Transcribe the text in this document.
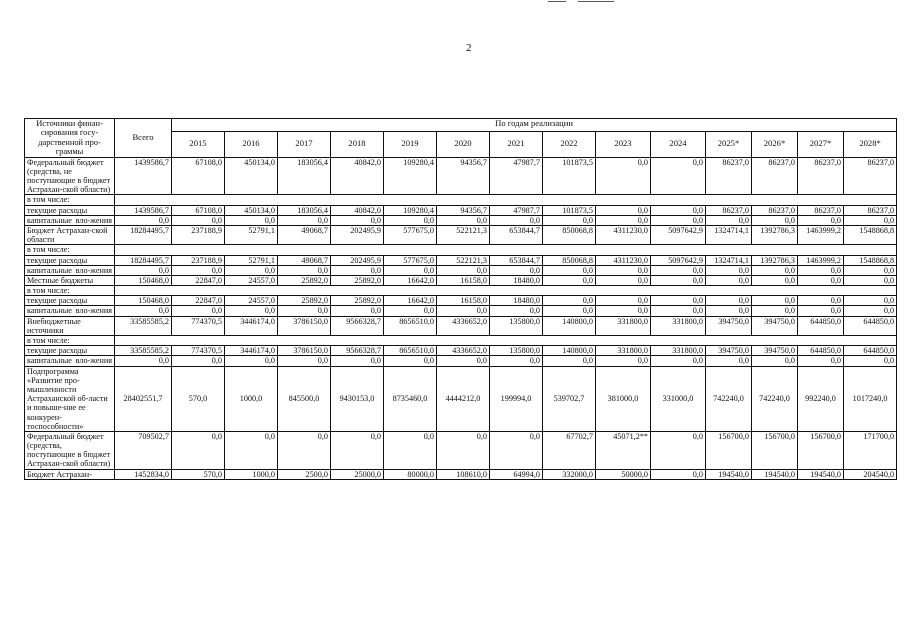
2
Источники финан-сирования госу-дарственной про-граммы	Всего	По годам реализации													
		2015	2016	2017	2018	2019	2020	2021	2022	2023	2024	2025*	2026*	2027*	2028*
Федеральный бюджет (средства, не поступающие в бюджет Астрахан-ской области)	1439586,7	67108,0	450134,0	183056,4	40842,0	109280,4	94356,7	47987,7	101873,5	0,0	0,0	86237,0	86237,0	86237,0	86237,0
в том числе:															
текущие расходы	1439586,7	67108,0	450134,0	183056,4	40842,0	109280,4	94356,7	47987,7	101873,5	0,0	0,0	86237,0	86237,0	86237,0	86237,0
капитальные вло-жения	0,0	0,0	0,0	0,0	0,0	0,0	0,0	0,0	0,0	0,0	0,0	0,0	0,0	0,0	0,0
Бюджет Астрахан-ской области	18284495,7	237188,9	52791,1	49068,7	202495,9	577675,0	522121,3	653844,7	850068,8	4311230,0	5097642,9	1324714,1	1392786,3	1463999,2	1548868,8
в том числе:															
текущие расходы	18284495,7	237188,9	52791,1	49068,7	202495,9	577675,0	522121,3	653844,7	850068,8	4311230,0	5097642,9	1324714,1	1392786,3	1463999,2	1548868,8
капитальные вло-жения	0,0	0,0	0,0	0,0	0,0	0,0	0,0	0,0	0,0	0,0	0,0	0,0	0,0	0,0	0,0
Местные бюджеты	150468,0	22847,0	24557,0	25892,0	25892,0	16642,0	16158,0	18480,0	0,0	0,0	0,0	0,0	0,0	0,0	0,0
в том числе:															
текущие расходы	150468,0	22847,0	24557,0	25892,0	25892,0	16642,0	16158,0	18480,0	0,0	0,0	0,0	0,0	0,0	0,0	0,0
капитальные вло-жения	0,0	0,0	0,0	0,0	0,0	0,0	0,0	0,0	0,0	0,0	0,0	0,0	0,0	0,0	0,0
Внебюджетные источники	33585585,2	774370,5	3446174,0	3786150,0	9566328,7	8656510,0	4336652,0	135800,0	140800,0	331800,0	331800,0	394750,0	394750,0	644850,0	644850,0
в том числе:															
текущие расходы	33585585,2	774370,5	3446174,0	3786150,0	9566328,7	8656510,0	4336652,0	135800,0	140800,0	331800,0	331800,0	394750,0	394750,0	644850,0	644850,0
капитальные вло-жения	0,0	0,0	0,0	0,0	0,0	0,0	0,0	0,0	0,0	0,0	0,0	0,0	0,0	0,0	0,0
Подпрограмма «Развитие про-мышленности Астраханской об-ласти и повыше-ние ее конкурен-тоспособности»	28402551,7	570,0	1000,0	845500,0	9430153,0	8735460,0	4444212,0	199994,0	539702,7	381000,0	331000,0	742240,0	742240,0	992240,0	1017240,0
Федеральный бюджет (средства, поступающие в бюджет Астрахан-ской области)	709502,7	0,0	0,0	0,0	0,0	0,0	0,0	0,0	67702,7	45071,2**	0,0	156700,0	156700,0	156700,0	171700,0
Бюджет Астрахан-	1452834,0	570,0	1000,0	2500,0	25000,0	80000,0	108610,0	64994,0	332000,0	50000,0	0,0	194540,0	194540,0	194540,0	204540,0
